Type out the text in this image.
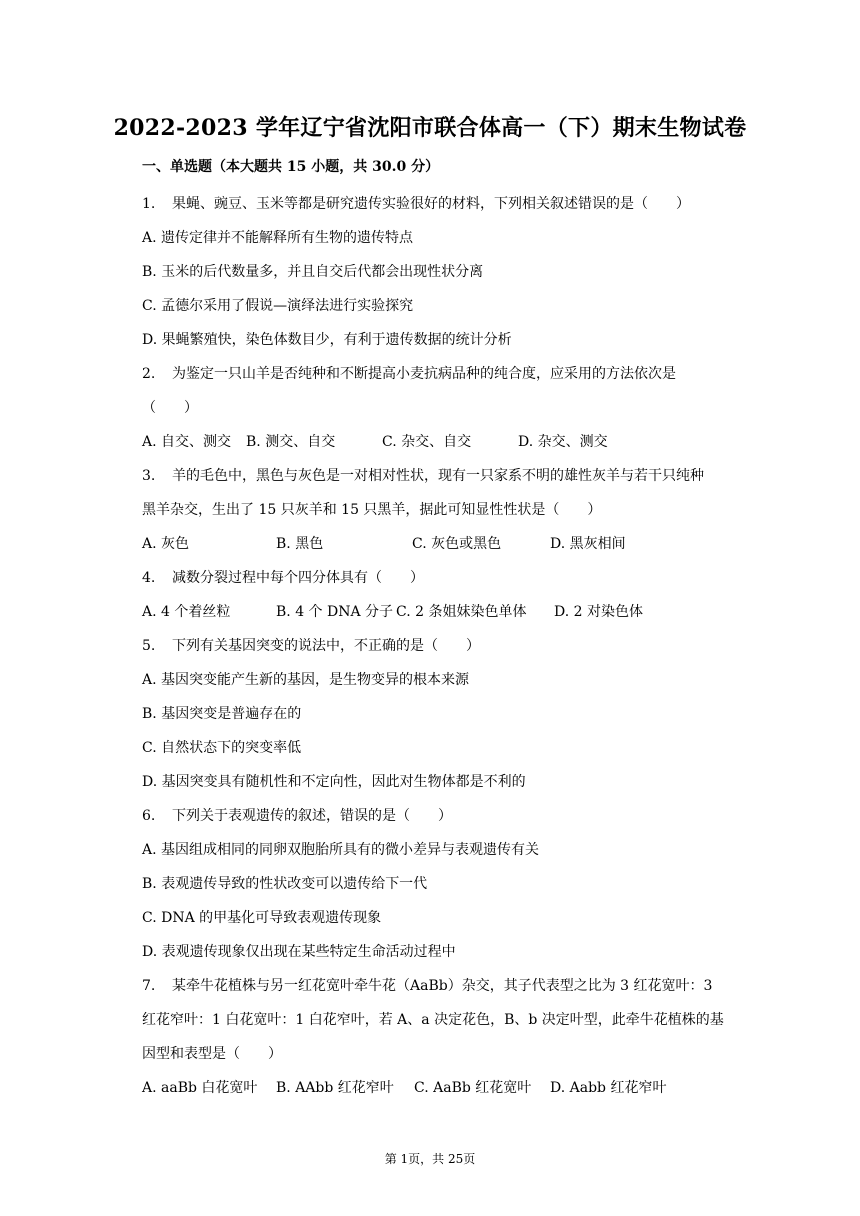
2022-2023 学年辽宁省沈阳市联合体高一（下）期末生物试卷
一、单选题（本大题共 15 小题，共 30.0 分）

1. 果蝇、豌豆、玉米等都是研究遗传实验很好的材料，下列相关叙述错误的是（　　）

A. 遗传定律并不能解释所有生物的遗传特点

B. 玉米的后代数量多，并且自交后代都会出现性状分离

C. 孟德尔采用了假说—演绎法进行实验探究

D. 果蝇繁殖快，染色体数目少，有利于遗传数据的统计分析

2. 为鉴定一只山羊是否纯种和不断提高小麦抗病品种的纯合度，应采用的方法依次是

（　　）

A. 自交、测交	B. 测交、自交	C. 杂交、自交	D. 杂交、测交

3. 羊的毛色中，黑色与灰色是一对相对性状，现有一只家系不明的雄性灰羊与若干只纯种

黑羊杂交，生出了 15 只灰羊和 15 只黑羊，据此可知显性性状是（　　）

A. 灰色	B. 黑色	C. 灰色或黑色	D. 黑灰相间

4. 减数分裂过程中每个四分体具有（　　）

A. 4 个着丝粒	B. 4 个 DNA 分子 C. 2 条姐妹染色单体	D. 2 对染色体

5. 下列有关基因突变的说法中，不正确的是（　　）

A. 基因突变能产生新的基因，是生物变异的根本来源

B. 基因突变是普遍存在的

C. 自然状态下的突变率低

D. 基因突变具有随机性和不定向性，因此对生物体都是不利的

6. 下列关于表观遗传的叙述，错误的是（　　）

A. 基因组成相同的同卵双胞胎所具有的微小差异与表观遗传有关

B. 表观遗传导致的性状改变可以遗传给下一代

C. DNA 的甲基化可导致表观遗传现象

D. 表观遗传现象仅出现在某些特定生命活动过程中

7. 某牵牛花植株与另一红花宽叶牵牛花（AaBb）杂交，其子代表型之比为 3 红花宽叶：3

红花窄叶：1 白花宽叶：1 白花窄叶，若 A、a 决定花色，B、b 决定叶型，此牵牛花植株的基

因型和表型是（　　）

A. aaBb 白花宽叶	B. AAbb 红花窄叶	C. AaBb 红花宽叶	D. Aabb 红花窄叶
第 1页，共 25页
